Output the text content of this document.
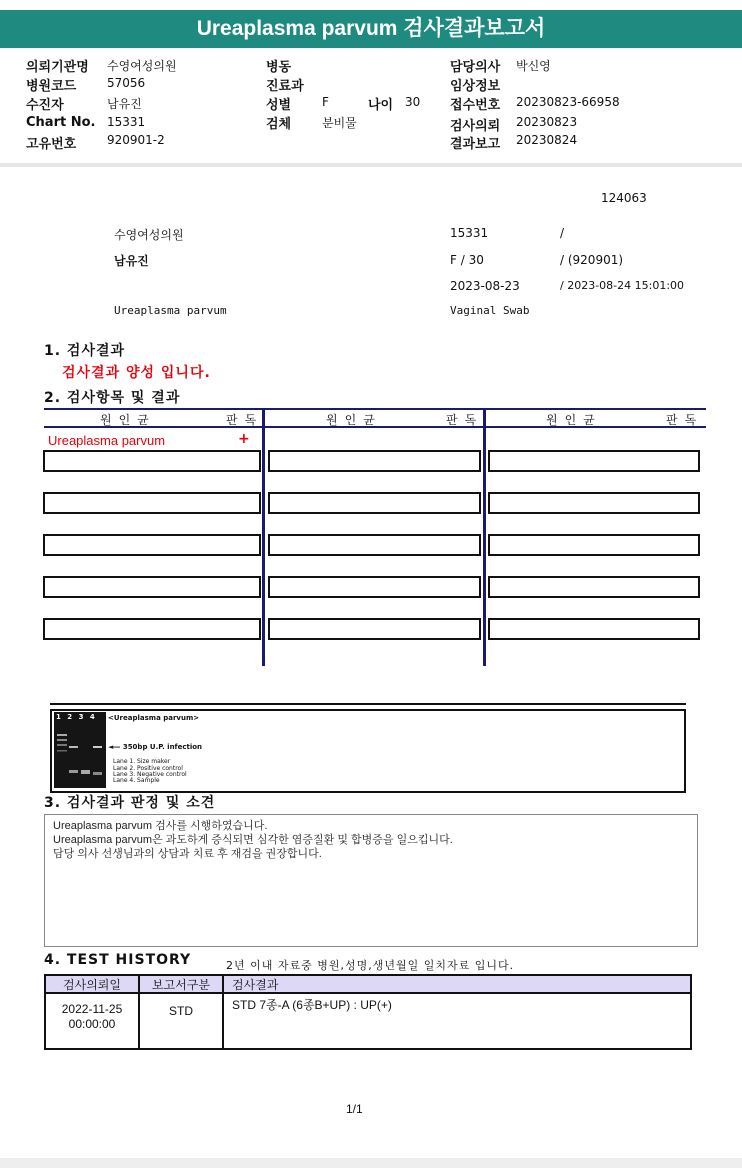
Ureaplasma parvum 검사결과보고서
의뢰기관명 수영여성의원
병원코드	57056
수진자	남유진
Chart No. 15331
고유번호	920901-2
병동
진료과
성별	F	나이 30
검체	분비물
담당의사 박신영
임상정보
접수번호 20230823-66958
검사의뢰 20230823
결과보고 20230824
124063
수영여성의원	15331	/
남유진	F / 30	/ (920901)
2023-08-23	/ 2023-08-24 15:01:00
Ureaplasma parvum	Vaginal Swab
1. 검사결과
검사결과 양성 입니다.
2. 검사항목 및 결과
원인균	판독	원인균	판독	원인균	판독
Ureaplasma parvum	+
1 2 3 4 <Ureaplasma parvum>
◄— 350bp U.P. infection
Lane 1. Size maker
Lane 2. Positive control
Lane 3. Negative control
Lane 4. Sample
3. 검사결과 판정 및 소견
Ureaplasma parvum 검사를 시행하였습니다.
Ureaplasma parvum은 과도하게 증식되면 심각한 염증질환 및 합병증을 일으킵니다.
담당 의사 선생님과의 상담과 치료 후 재검을 권장합니다.
4. TEST HISTORY	2년 이내 자료중 병원,성명,생년월일 일치자료 입니다.
검사의뢰일	보고서구분	검사결과
2022-11-25
00:00:00
STD	STD 7종-A (6종B+UP) : UP(+)
1/1
